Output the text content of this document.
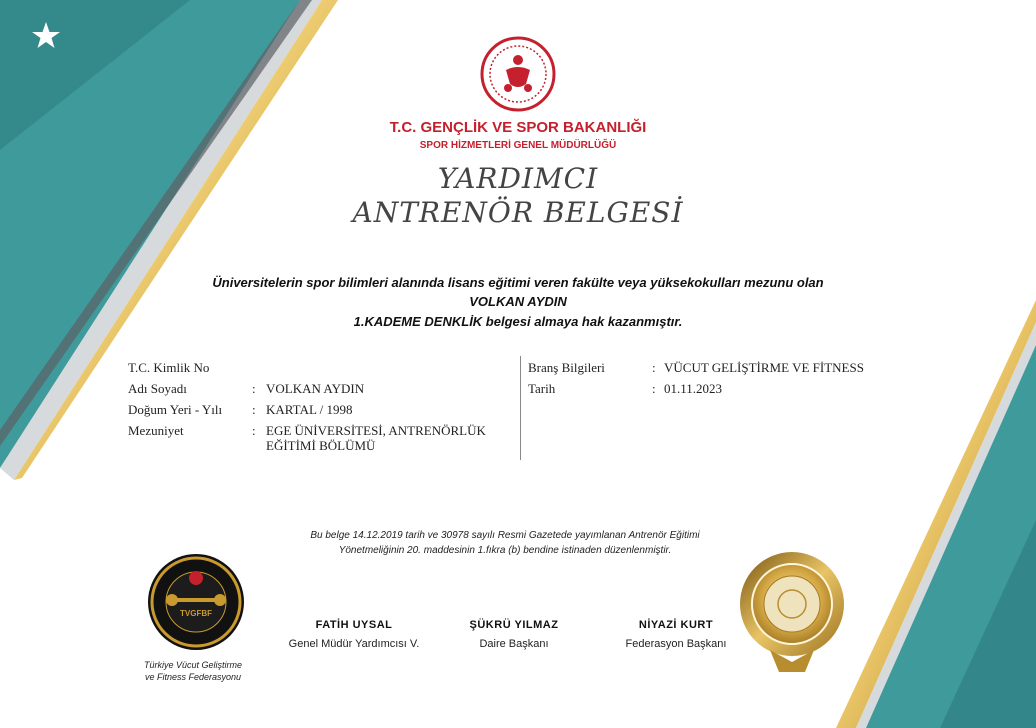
TVGFBF
T.C. GENÇLİK VE SPOR BAKANLIĞI
SPOR HİZMETLERİ GENEL MÜDÜRLÜĞÜ
YARDIMCI
ANTRENÖR BELGESİ
Üniversitelerin spor bilimleri alanında lisans eğitimi veren fakülte veya yüksekokulları mezunu olan
VOLKAN AYDIN
1.KADEME DENKLİK belgesi almaya hak kazanmıştır.
T.C. Kimlik No
Adı Soyadı	: VOLKAN AYDIN
Doğum Yeri - Yılı : KARTAL / 1998
Mezuniyet	: EGE ÜNİVERSİTESİ, ANTRENÖRLÜK
EĞİTİMİ BÖLÜMÜ
Branş Bilgileri	: VÜCUT GELİŞTİRME VE FİTNESS
Tarih	: 01.11.2023
Bu belge 14.12.2019 tarih ve 30978 sayılı Resmi Gazetede yayımlanan Antrenör Eğitimi
Yönetmeliğinin 20. maddesinin 1.fıkra (b) bendine istinaden düzenlenmiştir.
Türkiye Vücut Geliştirme
ve Fitness Federasyonu
FATİH UYSAL
Genel Müdür Yardımcısı V.
ŞÜKRÜ YILMAZ
Daire Başkanı
NİYAZİ KURT
Federasyon Başkanı
